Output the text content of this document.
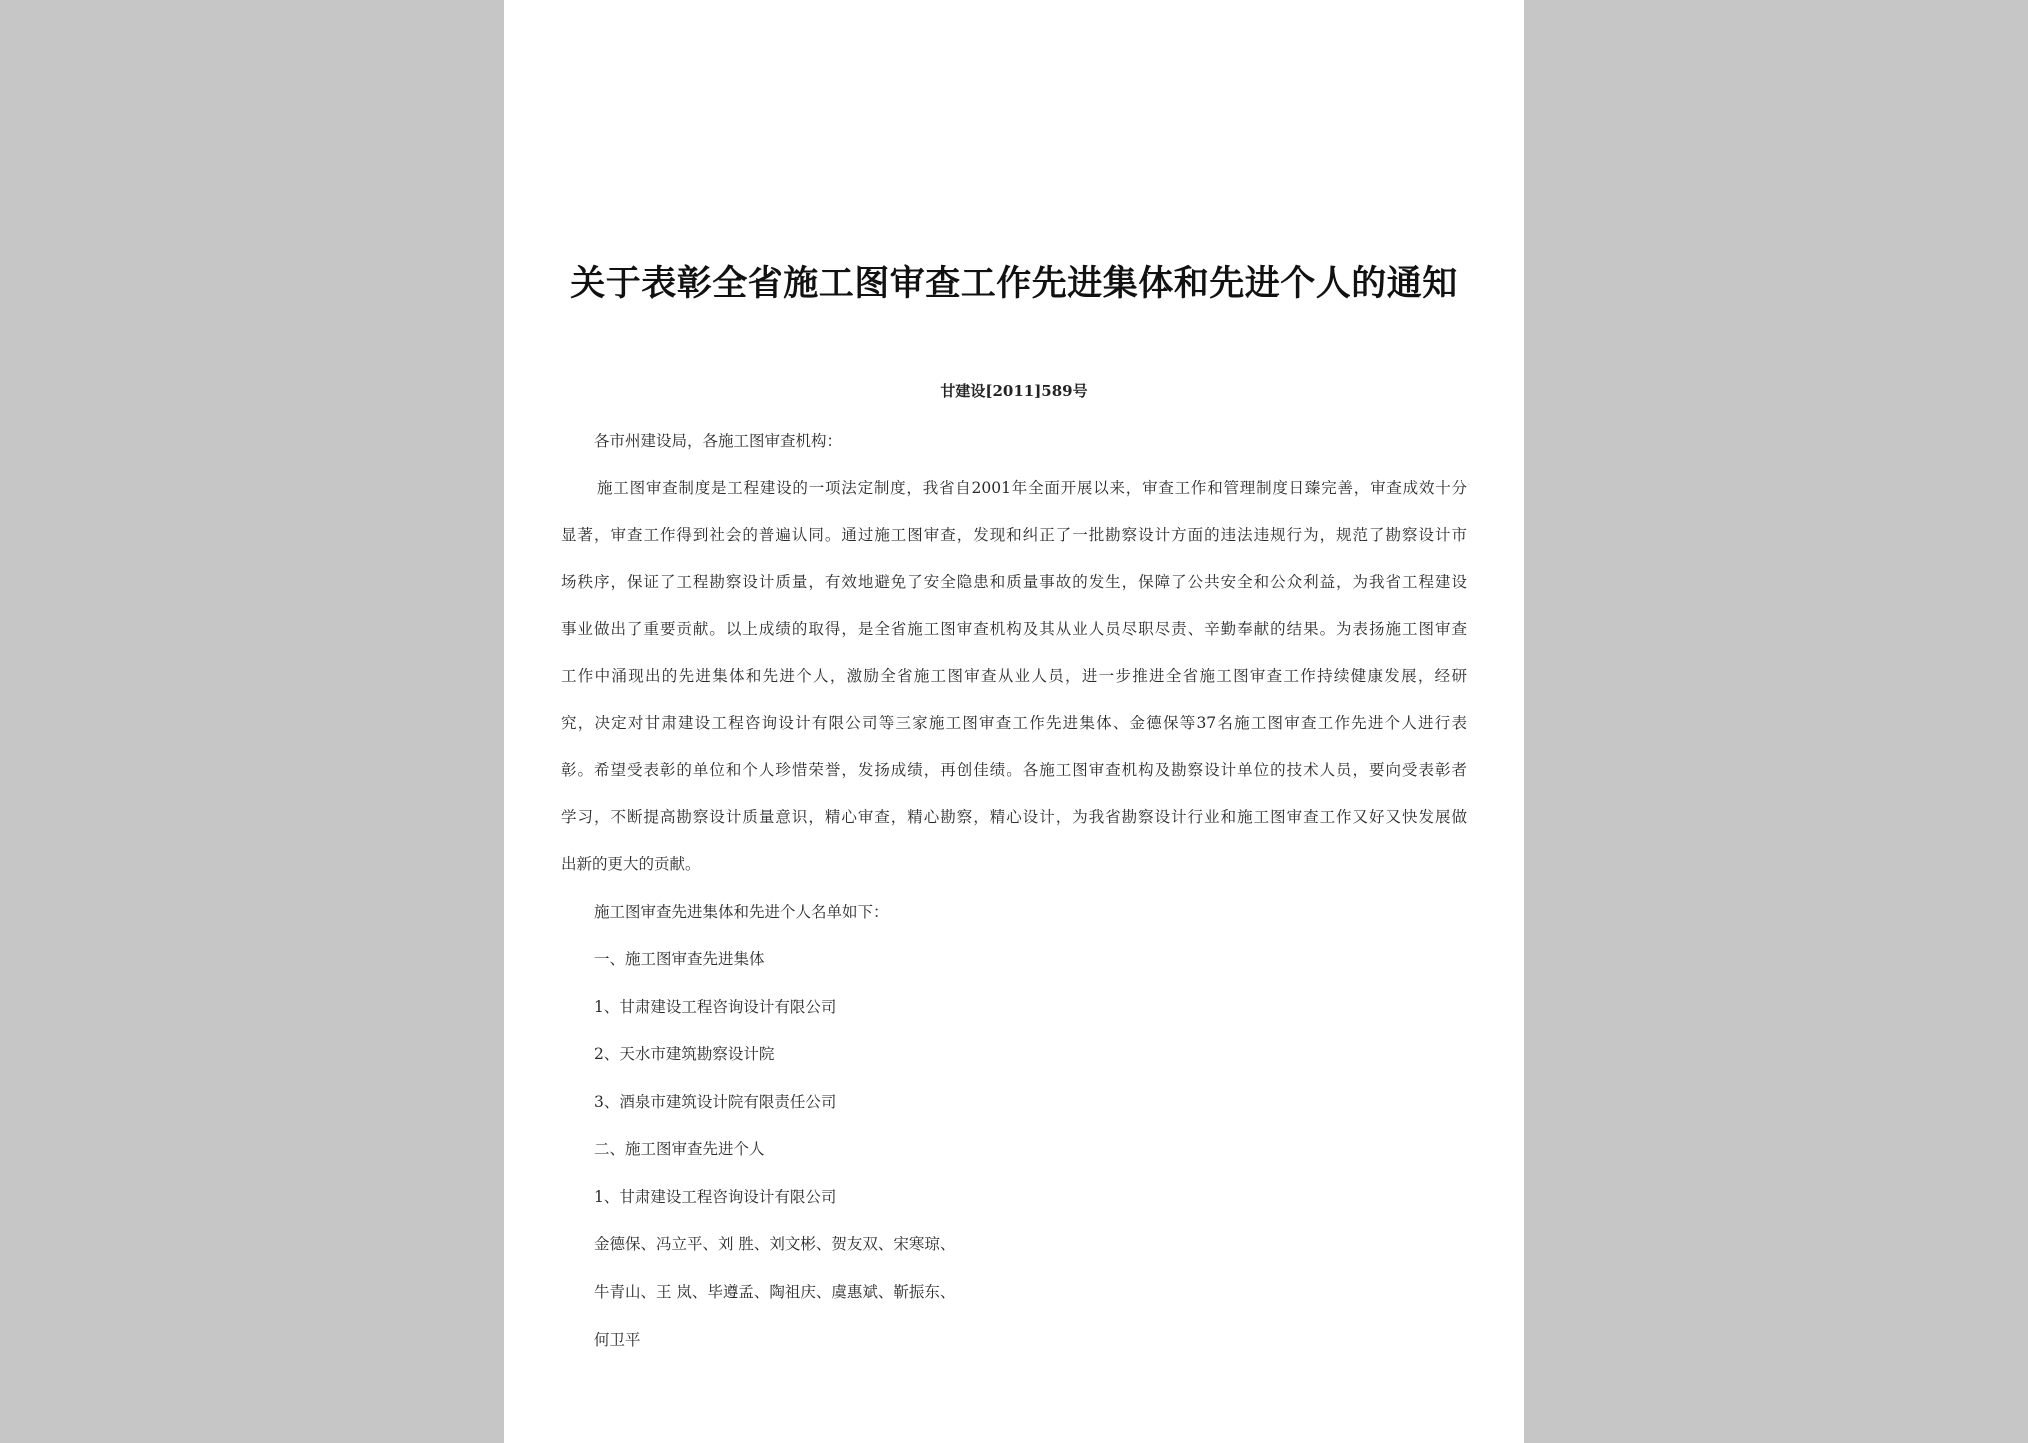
关于表彰全省施工图审查工作先进集体和先进个人的通知
甘建设[2011]589号

各市州建设局，各施工图审查机构：

施工图审查制度是工程建设的一项法定制度，我省自2001年全面开展以来，审查工作和管理制度日臻完善，审查成效十分

显著，审查工作得到社会的普遍认同。通过施工图审查，发现和纠正了一批勘察设计方面的违法违规行为，规范了勘察设计市

场秩序，保证了工程勘察设计质量，有效地避免了安全隐患和质量事故的发生，保障了公共安全和公众利益，为我省工程建设

事业做出了重要贡献。以上成绩的取得，是全省施工图审查机构及其从业人员尽职尽责、辛勤奉献的结果。为表扬施工图审查

工作中涌现出的先进集体和先进个人，激励全省施工图审查从业人员，进一步推进全省施工图审查工作持续健康发展，经研

究，决定对甘肃建设工程咨询设计有限公司等三家施工图审查工作先进集体、金德保等37名施工图审查工作先进个人进行表

彰。希望受表彰的单位和个人珍惜荣誉，发扬成绩，再创佳绩。各施工图审查机构及勘察设计单位的技术人员，要向受表彰者

学习，不断提高勘察设计质量意识，精心审查，精心勘察，精心设计，为我省勘察设计行业和施工图审查工作又好又快发展做

出新的更大的贡献。

施工图审查先进集体和先进个人名单如下：

一、施工图审查先进集体

1、甘肃建设工程咨询设计有限公司

2、天水市建筑勘察设计院

3、酒泉市建筑设计院有限责任公司

二、施工图审查先进个人

1、甘肃建设工程咨询设计有限公司

金德保、冯立平、刘 胜、刘文彬、贺友双、宋寒琼、

牛青山、王 岚、毕遵孟、陶祖庆、虞惠斌、靳振东、

何卫平
